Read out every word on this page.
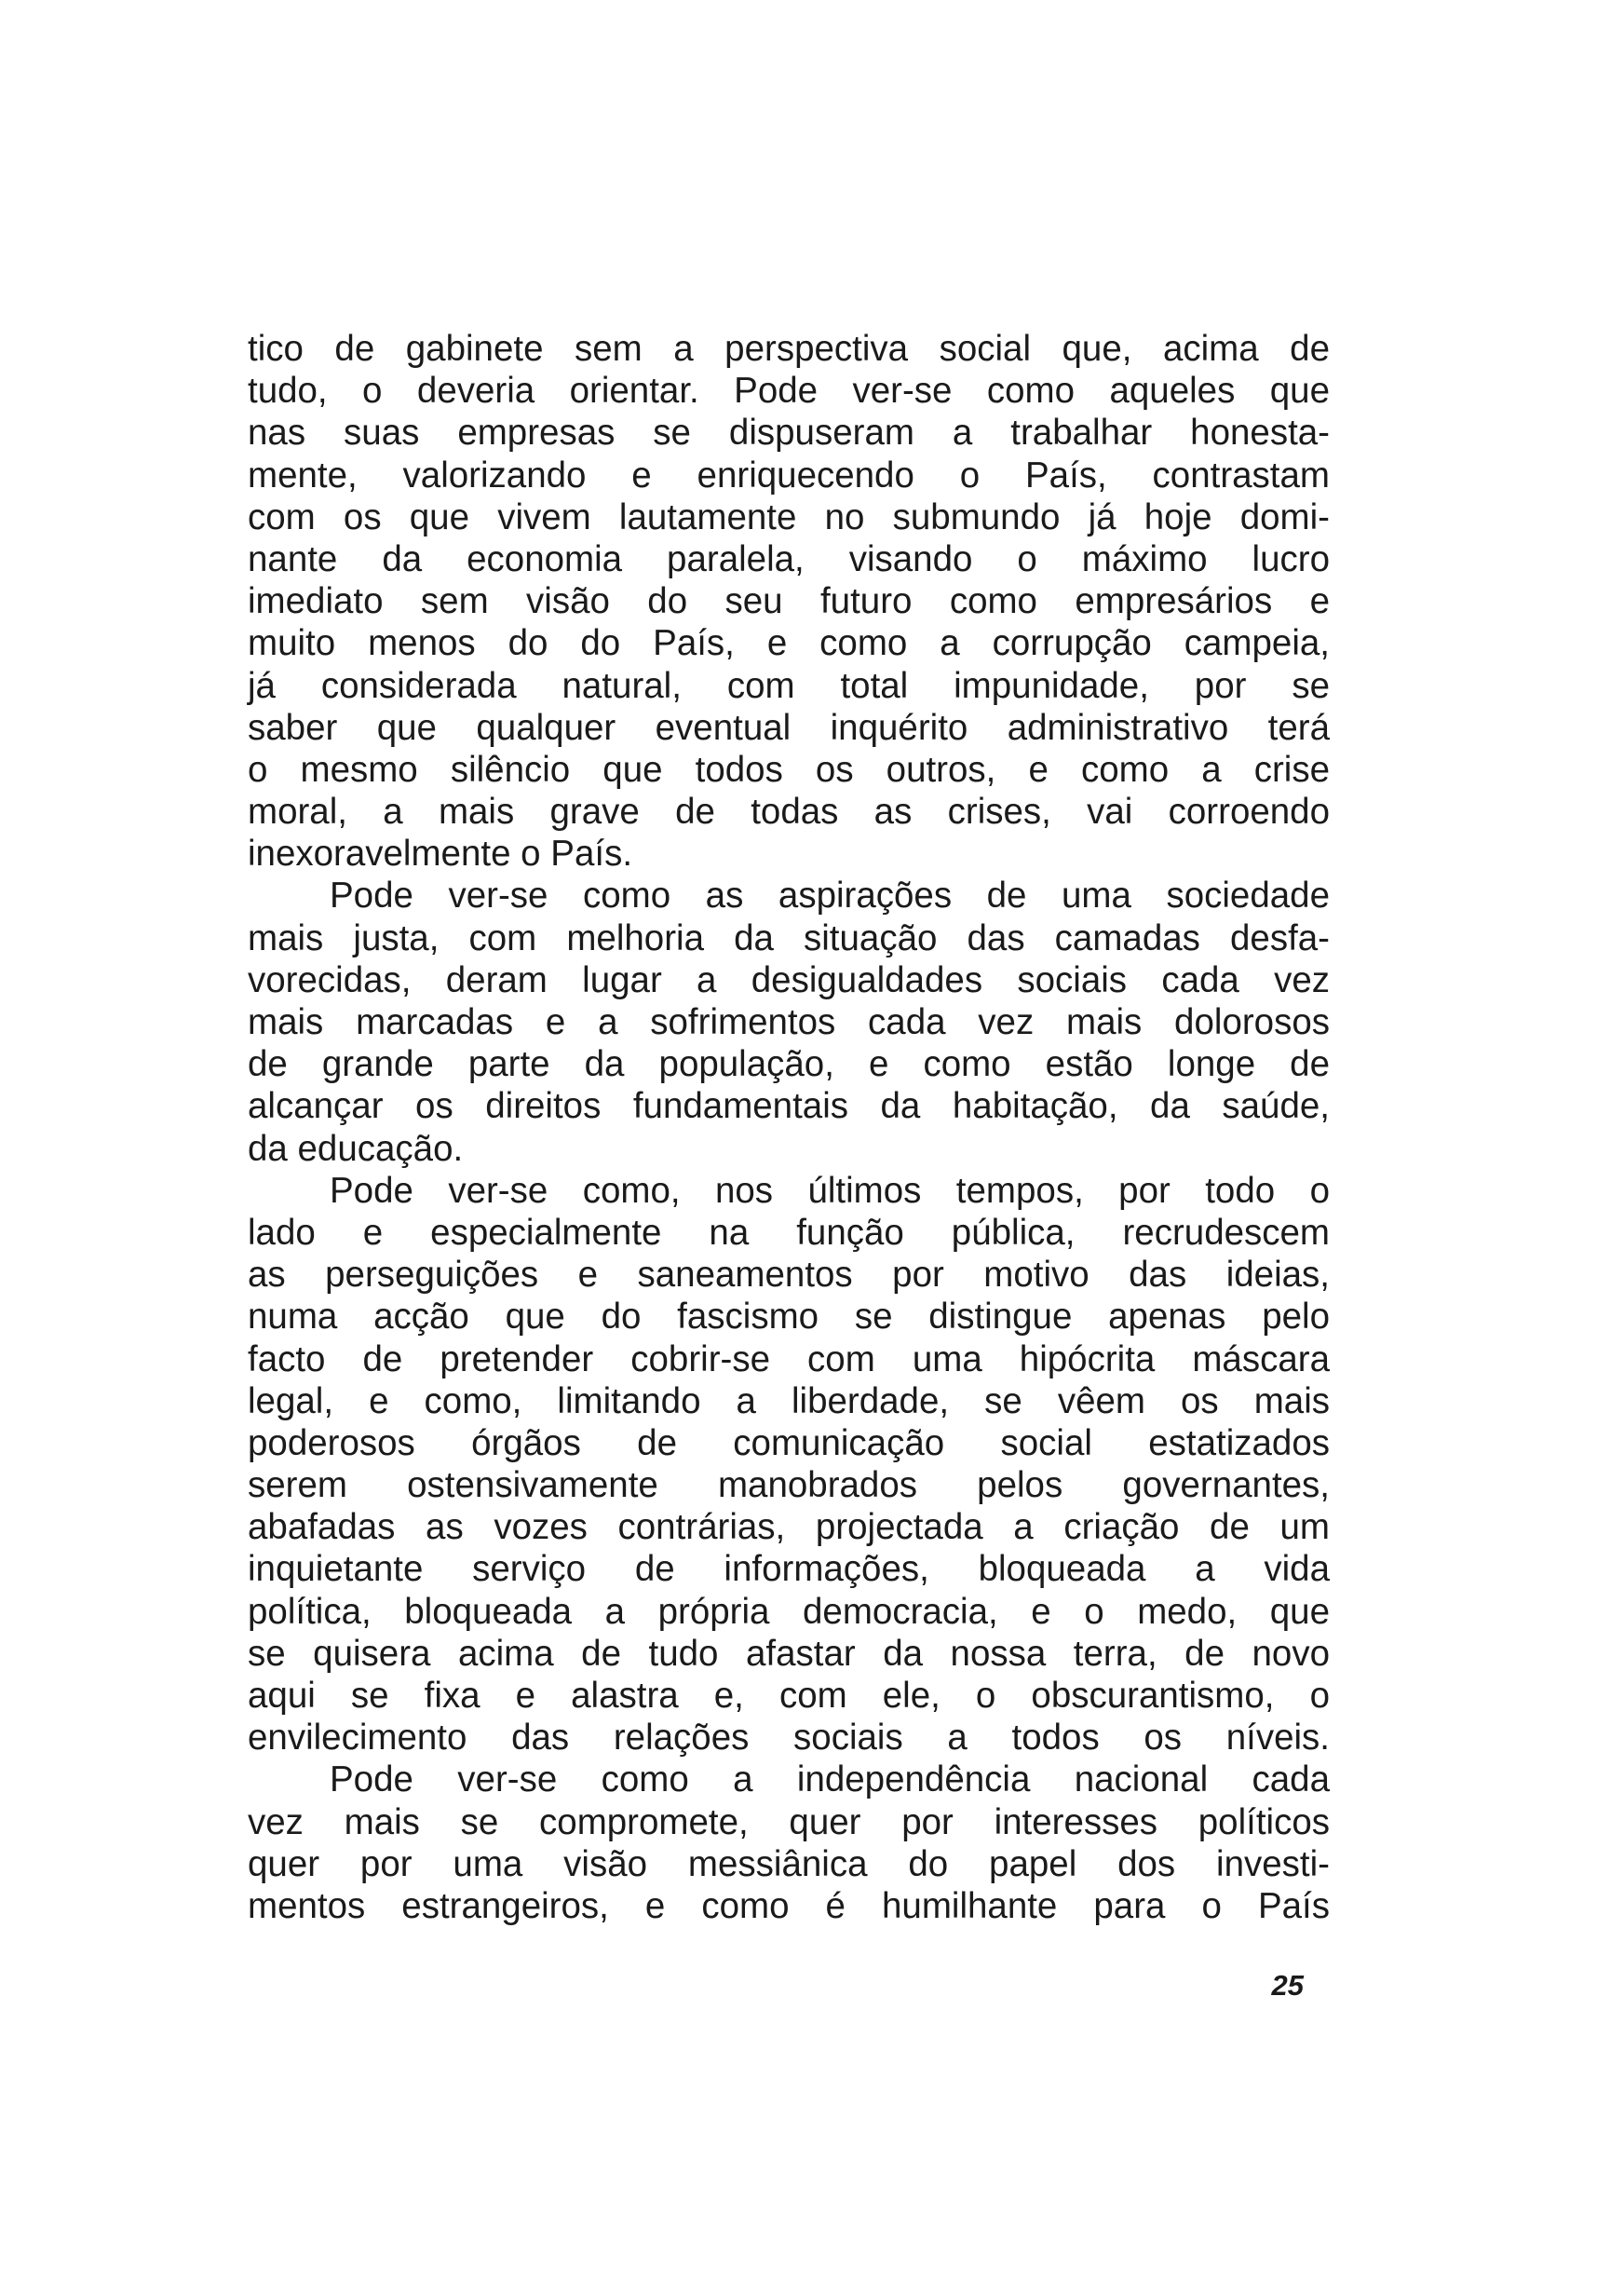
tico de gabinete sem a perspectiva social que, acima de
tudo, o deveria orientar. Pode ver-se como aqueles que
nas suas empresas se dispuseram a trabalhar honesta-
mente, valorizando e enriquecendo o País, contrastam
com os que vivem lautamente no submundo já hoje domi-
nante da economia paralela, visando o máximo lucro
imediato sem visão do seu futuro como empresários e
muito menos do do País, e como a corrupção campeia,
já considerada natural, com total impunidade, por se
saber que qualquer eventual inquérito administrativo terá
o mesmo silêncio que todos os outros, e como a crise
moral, a mais grave de todas as crises, vai corroendo
inexoravelmente o País.
Pode ver-se como as aspirações de uma sociedade
mais justa, com melhoria da situação das camadas desfa-
vorecidas, deram lugar a desigualdades sociais cada vez
mais marcadas e a sofrimentos cada vez mais dolorosos
de grande parte da população, e como estão longe de
alcançar os direitos fundamentais da habitação, da saúde,
da educação.
Pode ver-se como, nos últimos tempos, por todo o
lado e especialmente na função pública, recrudescem
as perseguições e saneamentos por motivo das ideias,
numa acção que do fascismo se distingue apenas pelo
facto de pretender cobrir-se com uma hipócrita máscara
legal, e como, limitando a liberdade, se vêem os mais
poderosos órgãos de comunicação social estatizados
serem ostensivamente manobrados pelos governantes,
abafadas as vozes contrárias, projectada a criação de um
inquietante serviço de informações, bloqueada a vida
política, bloqueada a própria democracia, e o medo, que
se quisera acima de tudo afastar da nossa terra, de novo
aqui se fixa e alastra e, com ele, o obscurantismo, o
envilecimento das relações sociais a todos os níveis.
Pode ver-se como a independência nacional cada
vez mais se compromete, quer por interesses políticos
quer por uma visão messiânica do papel dos investi-
mentos estrangeiros, e como é humilhante para o País
25
